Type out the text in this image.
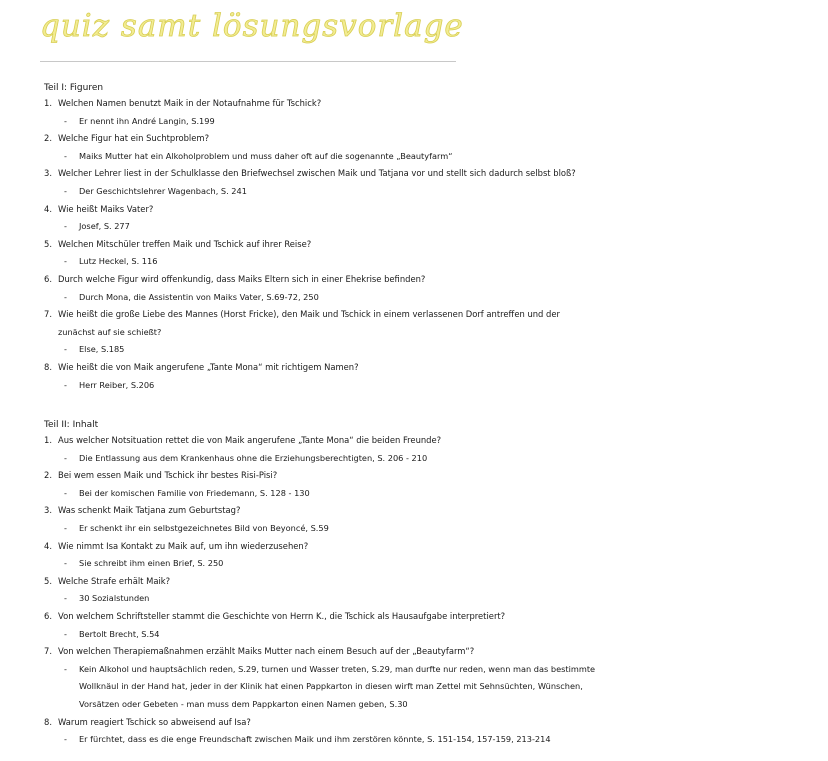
quiz samt lösungsvorlage
Teil I: Figuren
1. Welchen Namen benutzt Maik in der Notaufnahme für Tschick?
- Er nennt ihn André Langin, S.199
2. Welche Figur hat ein Suchtproblem?
- Maiks Mutter hat ein Alkoholproblem und muss daher oft auf die sogenannte „Beautyfarm“
3. Welcher Lehrer liest in der Schulklasse den Briefwechsel zwischen Maik und Tatjana vor und stellt sich dadurch selbst bloß?
- Der Geschichtslehrer Wagenbach, S. 241
4. Wie heißt Maiks Vater?
- Josef, S. 277
5. Welchen Mitschüler treffen Maik und Tschick auf ihrer Reise?
- Lutz Heckel, S. 116
6. Durch welche Figur wird offenkundig, dass Maiks Eltern sich in einer Ehekrise befinden?
- Durch Mona, die Assistentin von Maiks Vater, S.69-72, 250
7. Wie heißt die große Liebe des Mannes (Horst Fricke), den Maik und Tschick in einem verlassenen Dorf antreffen und der
zunächst auf sie schießt?
- Else, S.185
8. Wie heißt die von Maik angerufene „Tante Mona“ mit richtigem Namen?
- Herr Reiber, S.206
Teil II: Inhalt
1. Aus welcher Notsituation rettet die von Maik angerufene „Tante Mona“ die beiden Freunde?
- Die Entlassung aus dem Krankenhaus ohne die Erziehungsberechtigten, S. 206 - 210
2. Bei wem essen Maik und Tschick ihr bestes Risi-Pisi?
- Bei der komischen Familie von Friedemann, S. 128 - 130
3. Was schenkt Maik Tatjana zum Geburtstag?
- Er schenkt ihr ein selbstgezeichnetes Bild von Beyoncé, S.59
4. Wie nimmt Isa Kontakt zu Maik auf, um ihn wiederzusehen?
- Sie schreibt ihm einen Brief, S. 250
5. Welche Strafe erhält Maik?
- 30 Sozialstunden
6. Von welchem Schriftsteller stammt die Geschichte von Herrn K., die Tschick als Hausaufgabe interpretiert?
- Bertolt Brecht, S.54
7. Von welchen Therapiemaßnahmen erzählt Maiks Mutter nach einem Besuch auf der „Beautyfarm“?
- Kein Alkohol und hauptsächlich reden, S.29, turnen und Wasser treten, S.29, man durfte nur reden, wenn man das bestimmte
Wollknäul in der Hand hat, jeder in der Klinik hat einen Pappkarton in diesen wirft man Zettel mit Sehnsüchten, Wünschen,
Vorsätzen oder Gebeten - man muss dem Pappkarton einen Namen geben, S.30
8. Warum reagiert Tschick so abweisend auf Isa?
- Er fürchtet, dass es die enge Freundschaft zwischen Maik und ihm zerstören könnte, S. 151-154, 157-159, 213-214
